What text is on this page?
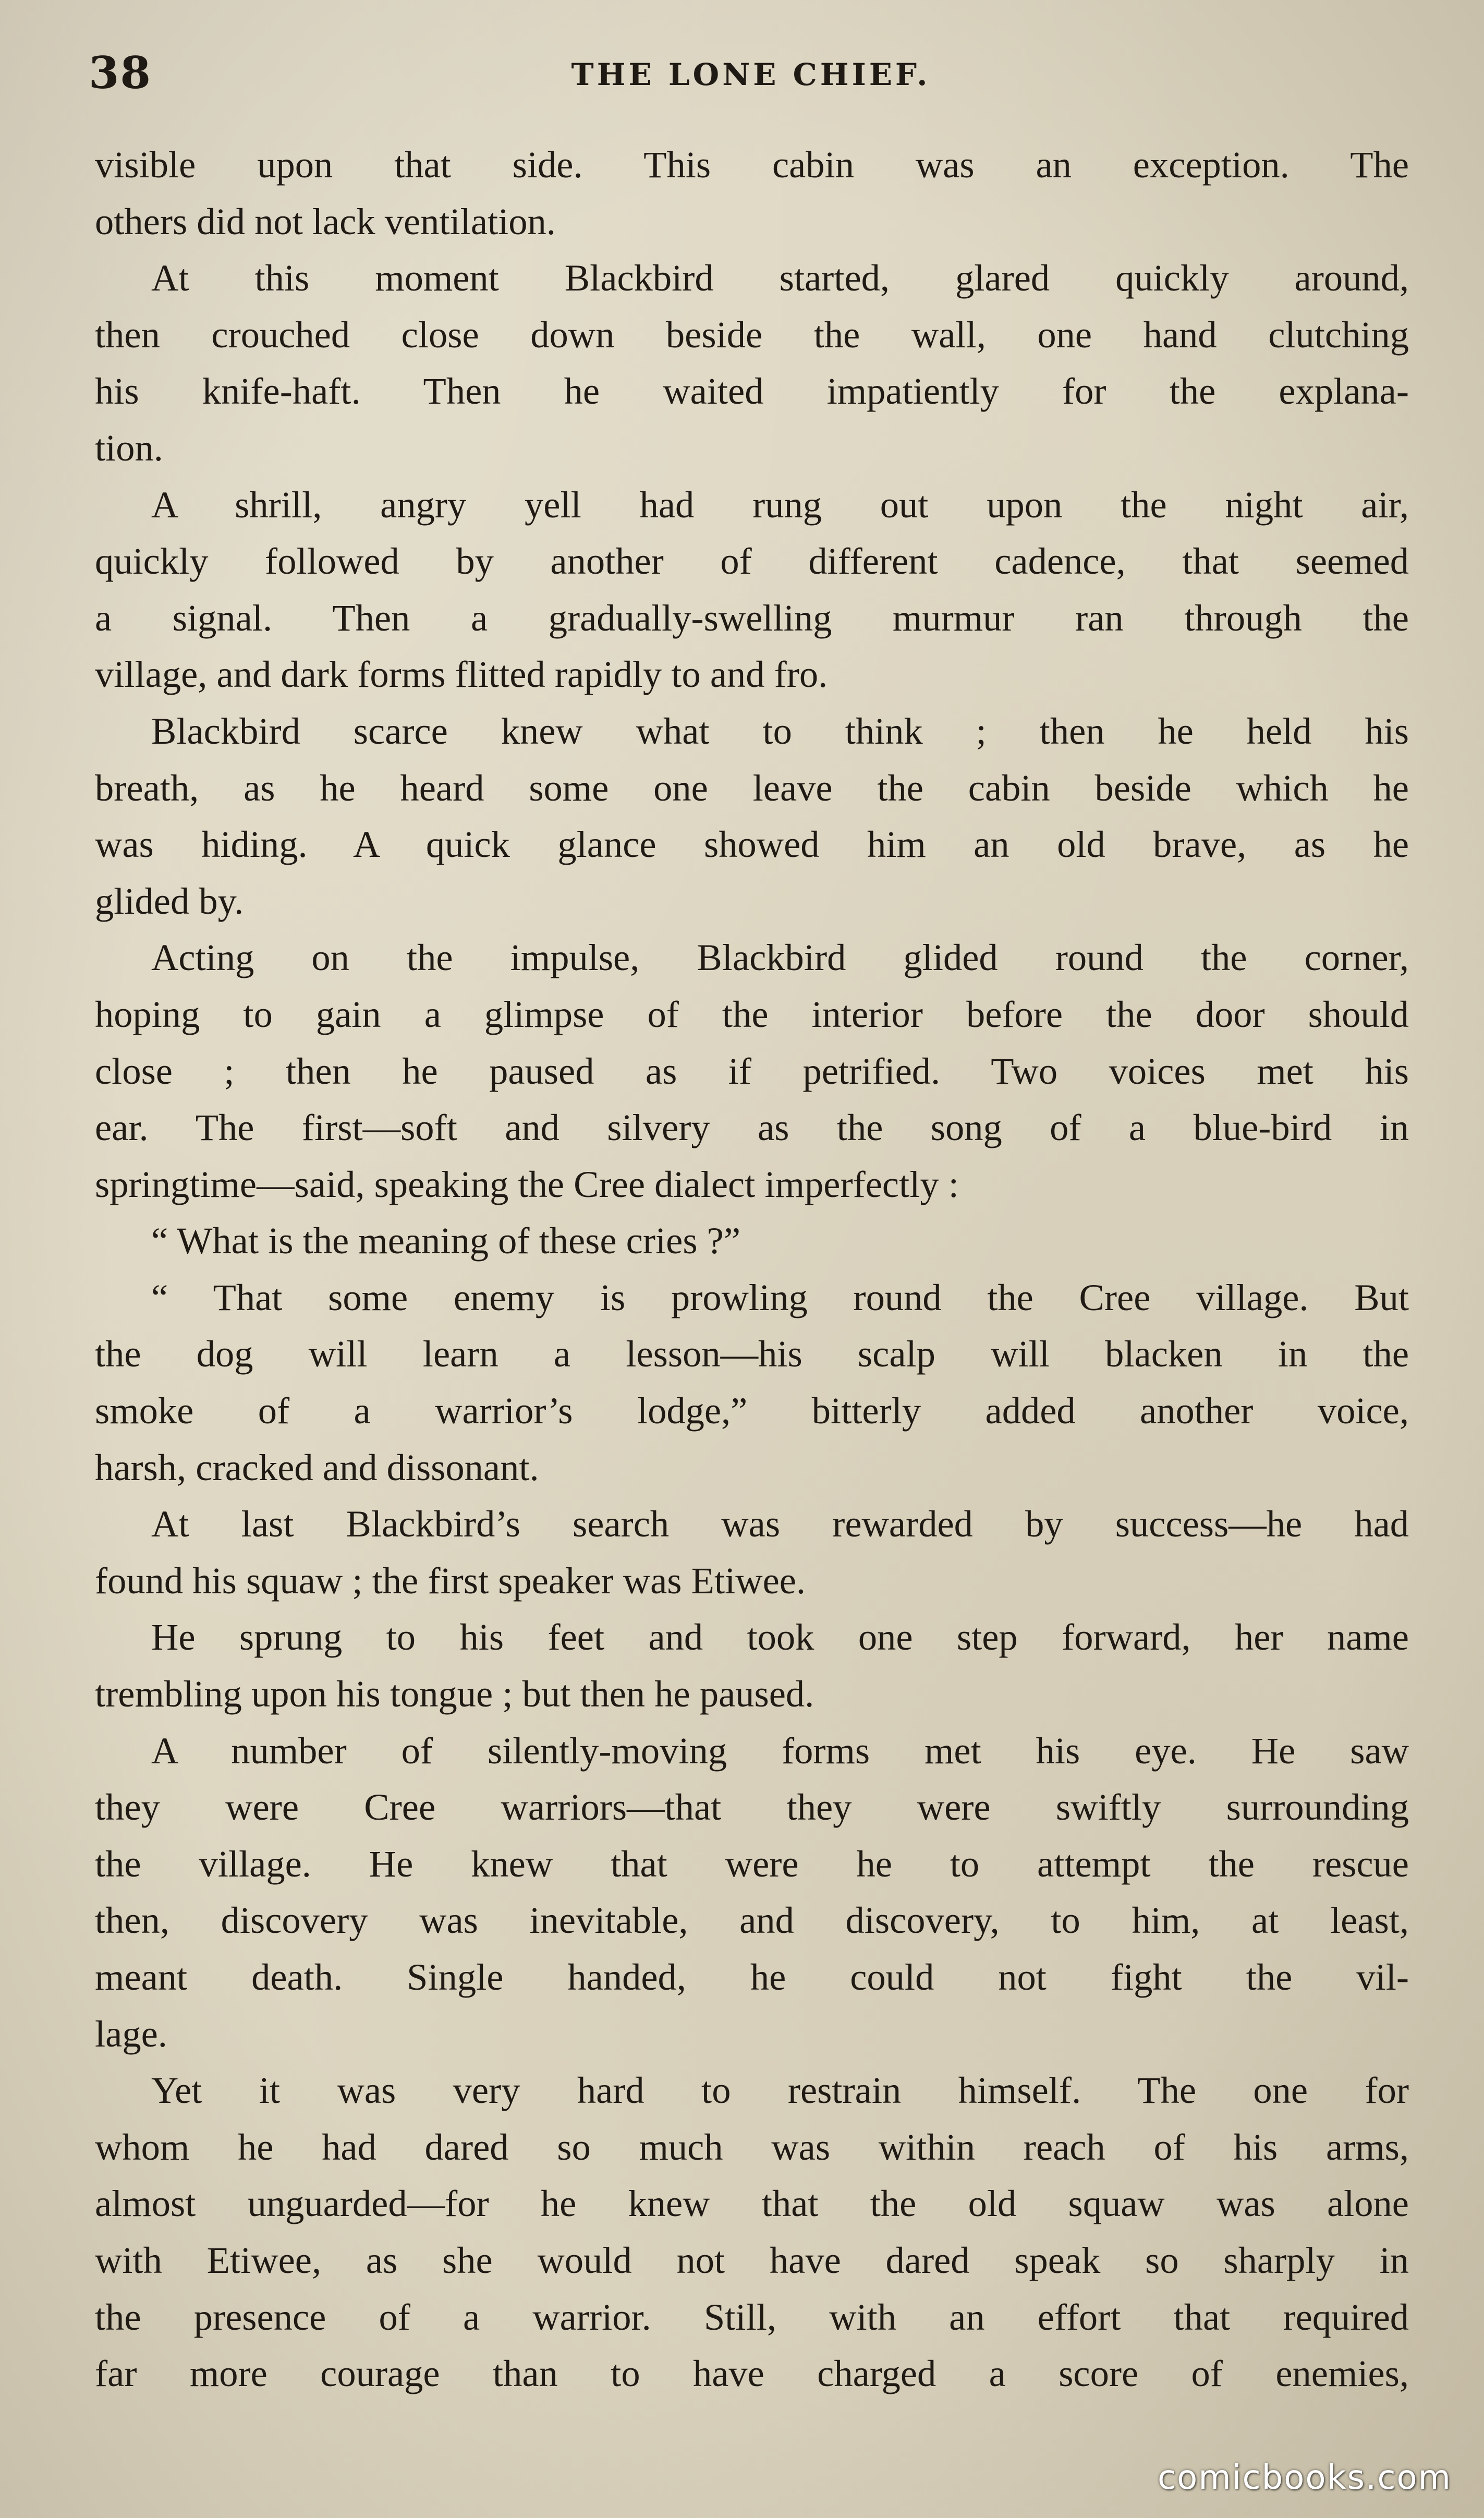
38	THE LONE CHIEF.
visible upon that side. This cabin was an exception. The
others did not lack ventilation.
At this moment Blackbird started, glared quickly around,
then crouched close down beside the wall, one hand clutching
his knife-haft. Then he waited impatiently for the explana-
tion.
A shrill, angry yell had rung out upon the night air,
quickly followed by another of different cadence, that seemed
a signal. Then a gradually-swelling murmur ran through the
village, and dark forms flitted rapidly to and fro.
Blackbird scarce knew what to think ; then he held his
breath, as he heard some one leave the cabin beside which he
was hiding. A quick glance showed him an old brave, as he
glided by.
Acting on the impulse, Blackbird glided round the corner,
hoping to gain a glimpse of the interior before the door should
close ; then he paused as if petrified. Two voices met his
ear. The first—soft and silvery as the song of a blue-bird in
springtime—said, speaking the Cree dialect imperfectly :
“ What is the meaning of these cries ?”
“ That some enemy is prowling round the Cree village. But
the dog will learn a lesson—his scalp will blacken in the
smoke of a warrior’s lodge,” bitterly added another voice,
harsh, cracked and dissonant.
At last Blackbird’s search was rewarded by success—he had
found his squaw ; the first speaker was Etiwee.
He sprung to his feet and took one step forward, her name
trembling upon his tongue ; but then he paused.
A number of silently-moving forms met his eye. He saw
they were Cree warriors—that they were swiftly surrounding
the village. He knew that were he to attempt the rescue
then, discovery was inevitable, and discovery, to him, at least,
meant death. Single handed, he could not fight the vil-
lage.
Yet it was very hard to restrain himself. The one for
whom he had dared so much was within reach of his arms,
almost unguarded—for he knew that the old squaw was alone
with Etiwee, as she would not have dared speak so sharply in
the presence of a warrior. Still, with an effort that required
far more courage than to have charged a score of enemies,
comicbooks.com
